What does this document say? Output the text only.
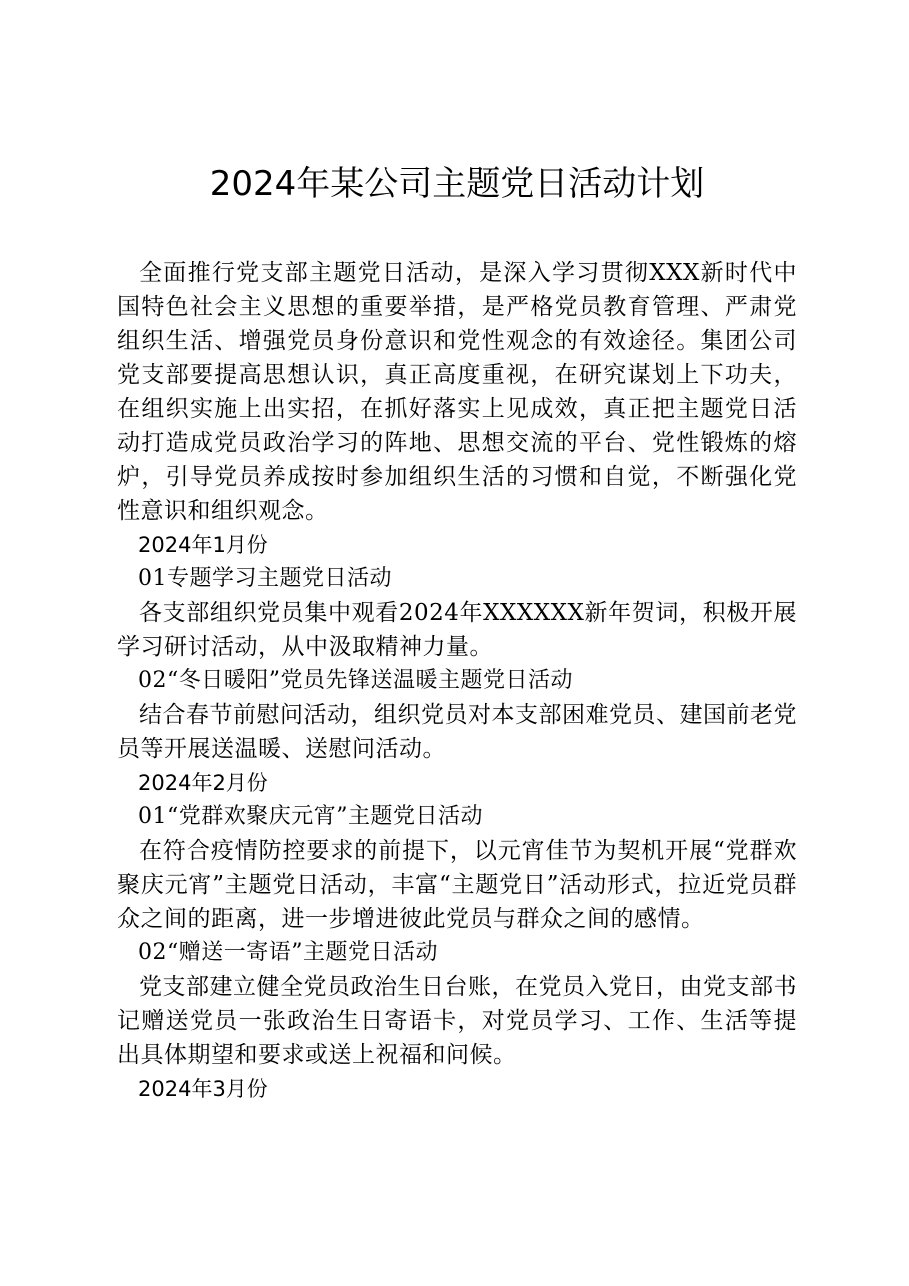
2024年某公司主题党日活动计划

全面推行党支部主题党日活动，是深入学习贯彻XXX新时代中国特色社会主义思想的重要举措，是严格党员教育管理、严肃党组织生活、增强党员身份意识和党性观念的有效途径。集团公司党支部要提高思想认识，真正高度重视，在研究谋划上下功夫，在组织实施上出实招，在抓好落实上见成效，真正把主题党日活动打造成党员政治学习的阵地、思想交流的平台、党性锻炼的熔炉，引导党员养成按时参加组织生活的习惯和自觉，不断强化党性意识和组织观念。

2024年1月份
01专题学习主题党日活动

各支部组织党员集中观看2024年XXXXXX新年贺词，积极开展学习研讨活动，从中汲取精神力量。

02“冬日暖阳”党员先锋送温暖主题党日活动

结合春节前慰问活动，组织党员对本支部困难党员、建国前老党员等开展送温暖、送慰问活动。

2024年2月份
01“党群欢聚庆元宵”主题党日活动

在符合疫情防控要求的前提下，以元宵佳节为契机开展“党群欢聚庆元宵”主题党日活动，丰富“主题党日”活动形式，拉近党员群众之间的距离，进一步增进彼此党员与群众之间的感情。

02“赠送一寄语”主题党日活动

党支部建立健全党员政治生日台账，在党员入党日，由党支部书记赠送党员一张政治生日寄语卡，对党员学习、工作、生活等提出具体期望和要求或送上祝福和问候。

2024年3月份
